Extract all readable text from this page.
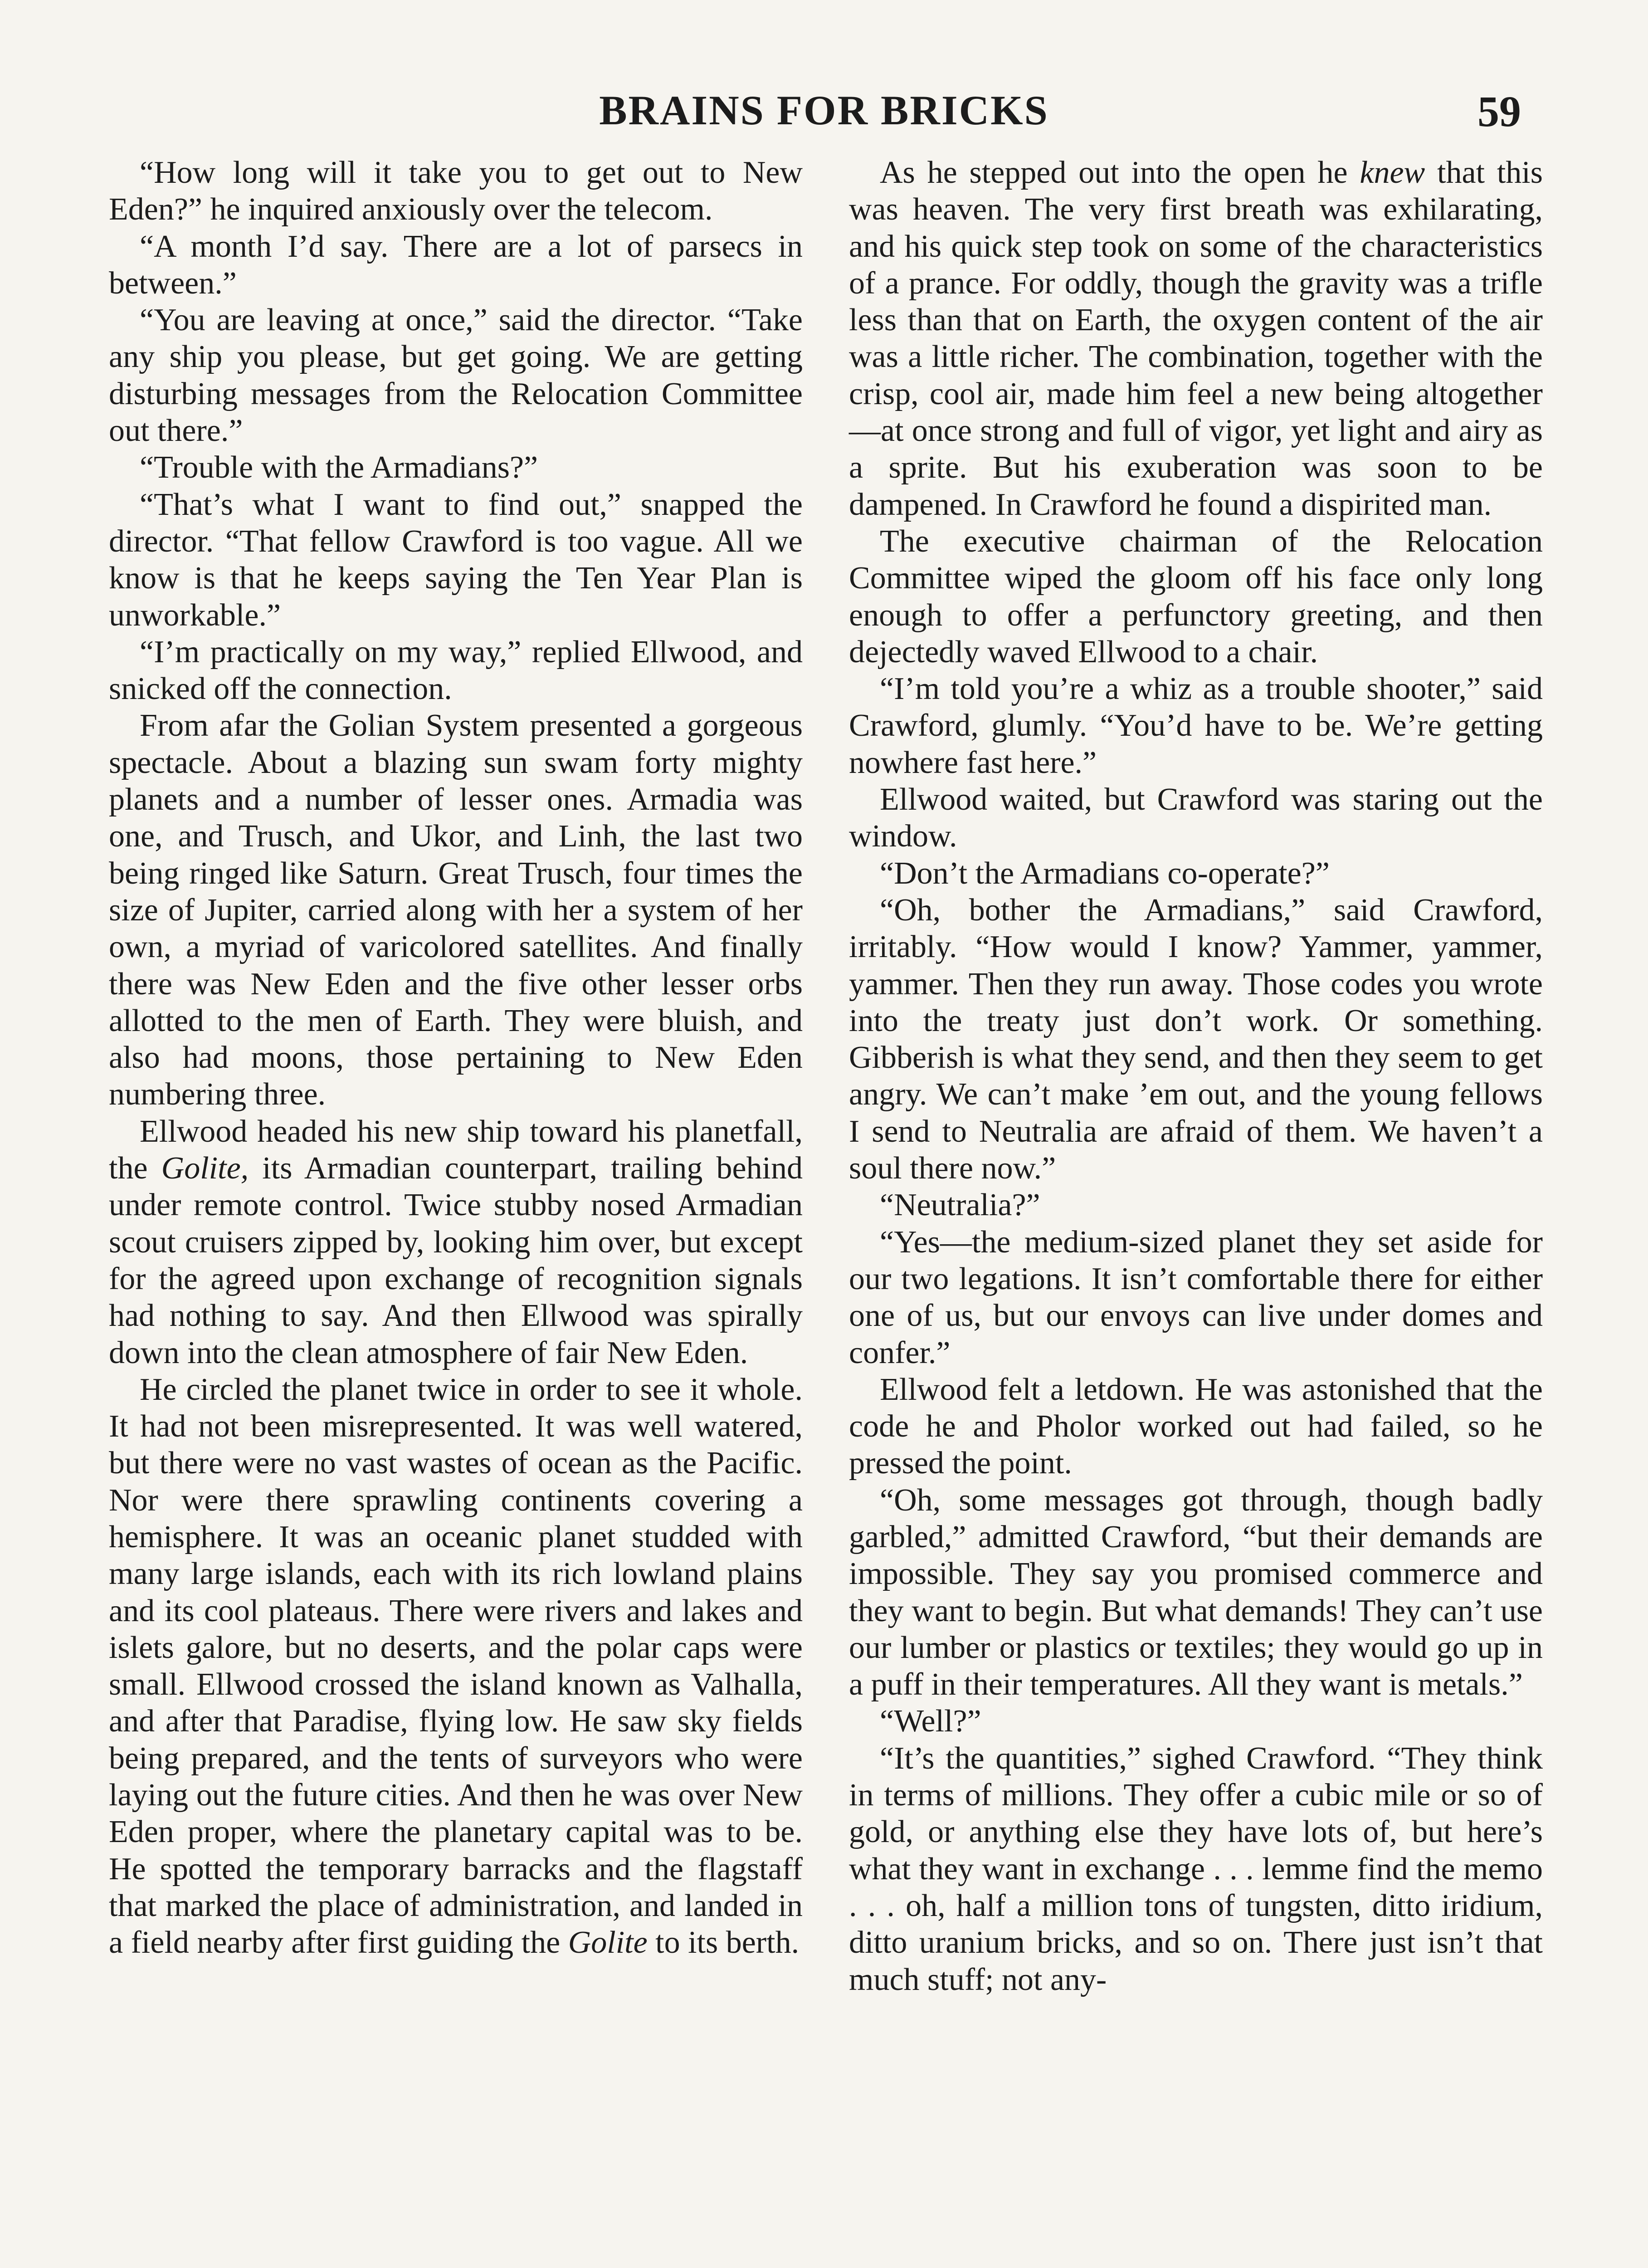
BRAINS FOR BRICKS	59

“How long will it take you to get out to New Eden?” he inquired anxiously over the telecom.

“A month I’d say. There are a lot of parsecs in between.”

“You are leaving at once,” said the director. “Take any ship you please, but get going. We are getting disturbing messages from the Relocation Committee out there.”

“Trouble with the Armadians?”

“That’s what I want to find out,” snapped the director. “That fellow Crawford is too vague. All we know is that he keeps saying the Ten Year Plan is unworkable.”

“I’m practically on my way,” replied Ellwood, and snicked off the connection.

From afar the Golian System presented a gorgeous spectacle. About a blazing sun swam forty mighty planets and a number of lesser ones. Armadia was one, and Trusch, and Ukor, and Linh, the last two being ringed like Saturn. Great Trusch, four times the size of Jupiter, carried along with her a system of her own, a myriad of varicolored satellites. And finally there was New Eden and the five other lesser orbs allotted to the men of Earth. They were bluish, and also had moons, those pertaining to New Eden numbering three.

Ellwood headed his new ship toward his planetfall, the Golite, its Armadian counterpart, trailing behind under remote control. Twice stubby nosed Armadian scout cruisers zipped by, looking him over, but except for the agreed upon exchange of recognition signals had nothing to say. And then Ellwood was spirally down into the clean atmosphere of fair New Eden.

He circled the planet twice in order to see it whole. It had not been misrepresented. It was well watered, but there were no vast wastes of ocean as the Pacific. Nor were there sprawling continents covering a hemisphere. It was an oceanic planet studded with many large islands, each with its rich lowland plains and its cool plateaus. There were rivers and lakes and islets galore, but no deserts, and the polar caps were small. Ellwood crossed the island known as Valhalla, and after that Paradise, flying low. He saw sky fields being prepared, and the tents of surveyors who were laying out the future cities. And then he was over New Eden proper, where the planetary capital was to be. He spotted the temporary barracks and the flagstaff that marked the place of administration, and landed in a field nearby after first guiding the Golite to its berth.

As he stepped out into the open he knew that this was heaven. The very first breath was exhilarating, and his quick step took on some of the characteristics of a prance. For oddly, though the gravity was a trifle less than that on Earth, the oxygen content of the air was a little richer. The combination, together with the crisp, cool air, made him feel a new being altogether—at once strong and full of vigor, yet light and airy as a sprite. But his exuberation was soon to be dampened. In Crawford he found a dispirited man.

The executive chairman of the Relocation Committee wiped the gloom off his face only long enough to offer a perfunctory greeting, and then dejectedly waved Ellwood to a chair.

“I’m told you’re a whiz as a trouble shooter,” said Crawford, glumly. “You’d have to be. We’re getting nowhere fast here.”

Ellwood waited, but Crawford was staring out the window.

“Don’t the Armadians co-operate?”

“Oh, bother the Armadians,” said Crawford, irritably. “How would I know? Yammer, yammer, yammer. Then they run away. Those codes you wrote into the treaty just don’t work. Or something. Gibberish is what they send, and then they seem to get angry. We can’t make ’em out, and the young fellows I send to Neutralia are afraid of them. We haven’t a soul there now.”

“Neutralia?”

“Yes—the medium-sized planet they set aside for our two legations. It isn’t comfortable there for either one of us, but our envoys can live under domes and confer.”

Ellwood felt a letdown. He was astonished that the code he and Pholor worked out had failed, so he pressed the point.

“Oh, some messages got through, though badly garbled,” admitted Crawford, “but their demands are impossible. They say you promised commerce and they want to begin. But what demands! They can’t use our lumber or plastics or textiles; they would go up in a puff in their temperatures. All they want is metals.”

“Well?”

“It’s the quantities,” sighed Crawford. “They think in terms of millions. They offer a cubic mile or so of gold, or anything else they have lots of, but here’s what they want in exchange . . . lemme find the memo . . . oh, half a million tons of tungsten, ditto iridium, ditto uranium bricks, and so on. There just isn’t that much stuff; not any-
